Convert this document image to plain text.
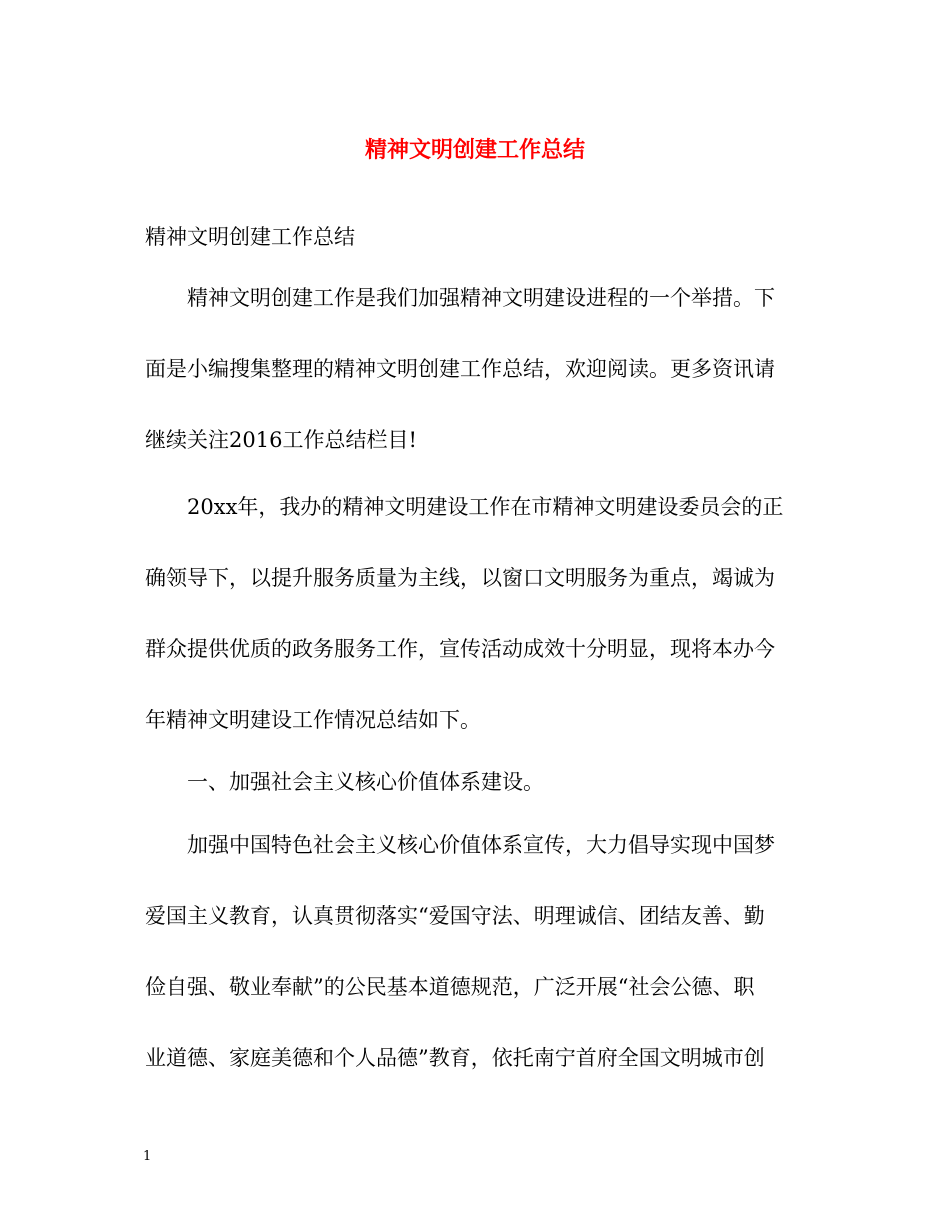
精神文明创建工作总结

精神文明创建工作总结

　　精神文明创建工作是我们加强精神文明建设进程的一个举措。下

面是小编搜集整理的精神文明创建工作总结，欢迎阅读。更多资讯请

继续关注2016工作总结栏目!

　　20xx年，我办的精神文明建设工作在市精神文明建设委员会的正

确领导下，以提升服务质量为主线，以窗口文明服务为重点，竭诚为

群众提供优质的政务服务工作，宣传活动成效十分明显，现将本办今

年精神文明建设工作情况总结如下。

　　一、加强社会主义核心价值体系建设。

　　加强中国特色社会主义核心价值体系宣传，大力倡导实现中国梦

爱国主义教育，认真贯彻落实“爱国守法、明理诚信、团结友善、勤

俭自强、敬业奉献”的公民基本道德规范，广泛开展“社会公德、职

业道德、家庭美德和个人品德”教育，依托南宁首府全国文明城市创

1
